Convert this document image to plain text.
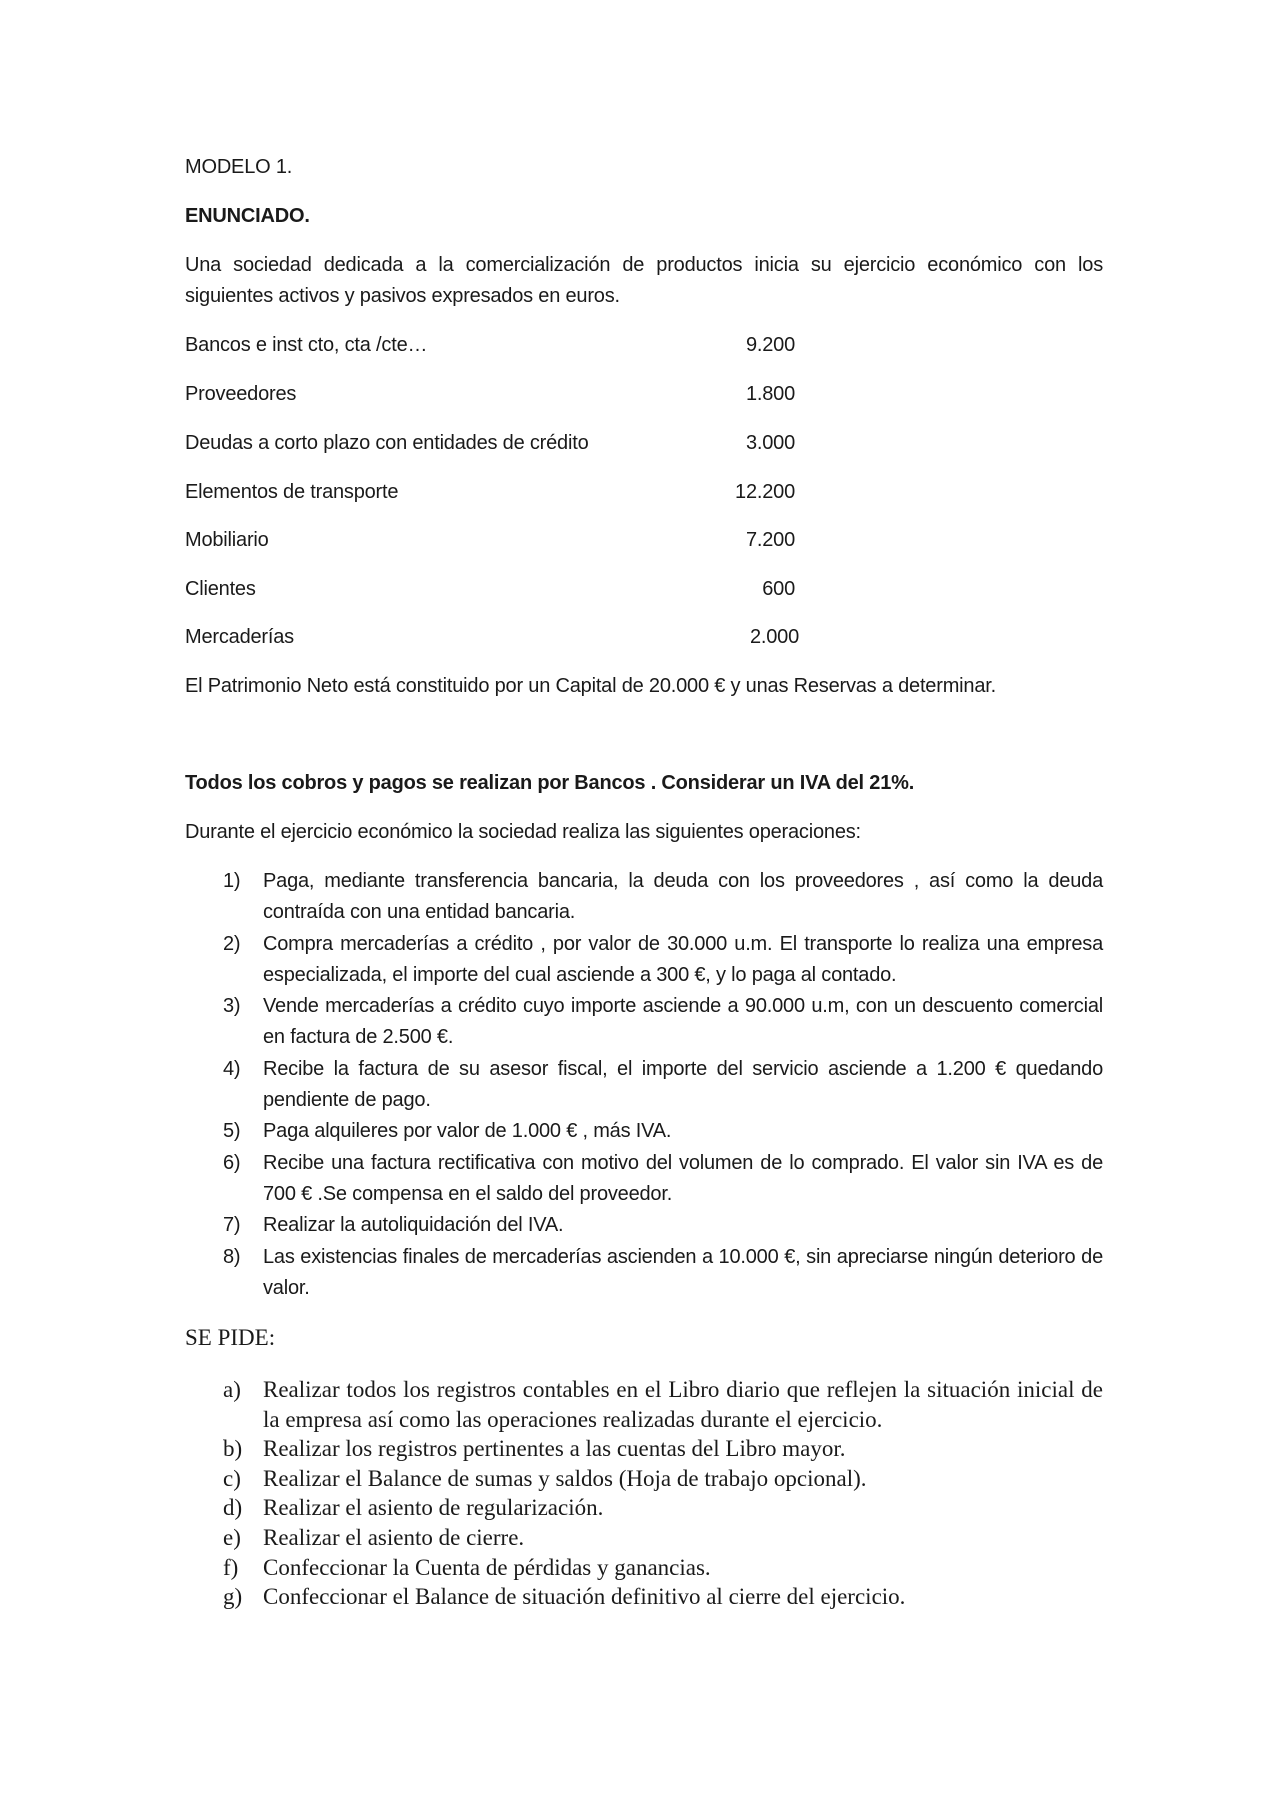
MODELO 1.

ENUNCIADO.

Una sociedad dedicada a la comercialización de productos inicia su ejercicio económico con los siguientes activos y pasivos expresados en euros.

Bancos e inst cto, cta /cte…	9.200
Proveedores	1.800
Deudas a corto plazo con entidades de crédito	3.000
Elementos de transporte	12.200
Mobiliario	7.200
Clientes	600
Mercaderías	2.000

El Patrimonio Neto está constituido por un Capital de 20.000 € y unas Reservas a determinar.

Todos los cobros y pagos se realizan por Bancos . Considerar un IVA del 21%.

Durante el ejercicio económico la sociedad realiza las siguientes operaciones:

1) Paga, mediante transferencia bancaria, la deuda con los proveedores , así como la deuda contraída con una entidad bancaria.
2) Compra mercaderías a crédito , por valor de 30.000 u.m. El transporte lo realiza una empresa especializada, el importe del cual asciende a 300 €, y lo paga al contado.
3) Vende mercaderías a crédito cuyo importe asciende a 90.000 u.m, con un descuento comercial en factura de 2.500 €.
4) Recibe la factura de su asesor fiscal, el importe del servicio asciende a 1.200 € quedando pendiente de pago.
5) Paga alquileres por valor de 1.000 € , más IVA.
6) Recibe una factura rectificativa con motivo del volumen de lo comprado. El valor sin IVA es de 700 € .Se compensa en el saldo del proveedor.
7) Realizar la autoliquidación del IVA.
8) Las existencias finales de mercaderías ascienden a 10.000 €, sin apreciarse ningún deterioro de valor.

SE PIDE:

a) Realizar todos los registros contables en el Libro diario que reflejen la situación inicial de la empresa así como las operaciones realizadas durante el ejercicio.
b) Realizar los registros pertinentes a las cuentas del Libro mayor.
c) Realizar el Balance de sumas y saldos (Hoja de trabajo opcional).
d) Realizar el asiento de regularización.
e) Realizar el asiento de cierre.
f) Confeccionar la Cuenta de pérdidas y ganancias.
g) Confeccionar el Balance de situación definitivo al cierre del ejercicio.
